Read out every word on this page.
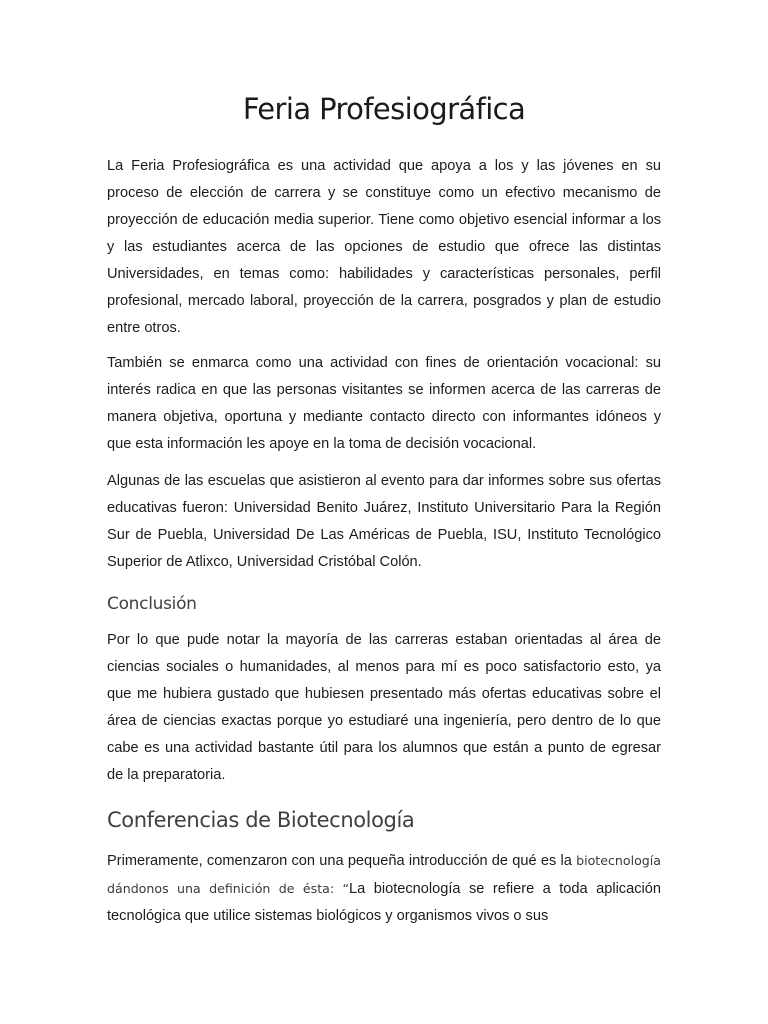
Feria Profesiográfica

La Feria Profesiográfica es una actividad que apoya a los y las jóvenes en su proceso de elección de carrera y se constituye como un efectivo mecanismo de proyección de educación media superior. Tiene como objetivo esencial informar a los y las estudiantes acerca de las opciones de estudio que ofrece las distintas Universidades, en temas como: habilidades y características personales, perfil profesional, mercado laboral, proyección de la carrera, posgrados y plan de estudio entre otros.

También se enmarca como una actividad con fines de orientación vocacional: su interés radica en que las personas visitantes se informen acerca de las carreras de manera objetiva, oportuna y mediante contacto directo con informantes idóneos y que esta información les apoye en la toma de decisión vocacional.

Algunas de las escuelas que asistieron al evento para dar informes sobre sus ofertas educativas fueron: Universidad Benito Juárez, Instituto Universitario Para la Región Sur de Puebla, Universidad De Las Américas de Puebla, ISU, Instituto Tecnológico Superior de Atlixco, Universidad Cristóbal Colón.

Conclusión

Por lo que pude notar la mayoría de las carreras estaban orientadas al área de ciencias sociales o humanidades, al menos para mí es poco satisfactorio esto, ya que me hubiera gustado que hubiesen presentado más ofertas educativas sobre el área de ciencias exactas porque yo estudiaré una ingeniería, pero dentro de lo que cabe es una actividad bastante útil para los alumnos que están a punto de egresar de la preparatoria.

Conferencias de Biotecnología

Primeramente, comenzaron con una pequeña introducción de qué es la biotecnología dándonos una definición de ésta: “La biotecnología se refiere a toda aplicación tecnológica que utilice sistemas biológicos y organismos vivos o sus
